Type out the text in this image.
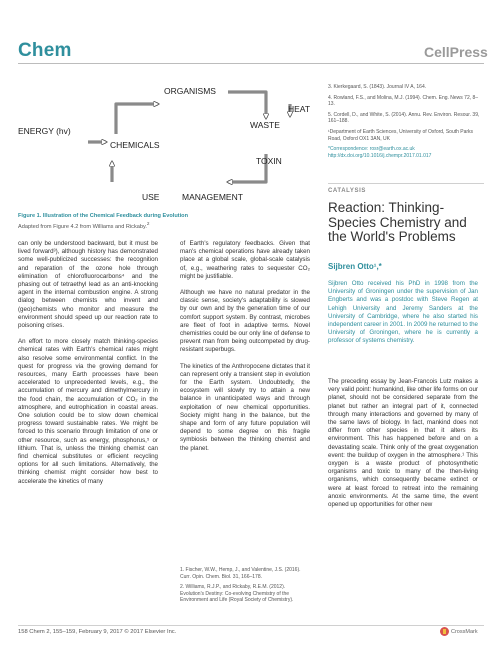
Chem	CellPress
ORGANISMS
HEAT
WASTE
ENERGY (hv)
CHEMICALS
TOXIN
USE	MANAGEMENT
Figure 1. Illustration of the Chemical Feedback during Evolution
Adapted from Figure 4.2 from Williams and Rickaby.$^2$

can only be understood backward, but it must be lived forward³), although history has demonstrated some well-publicized successes: the recognition and reparation of the ozone hole through elimination of chlorofluorocarbons⁴ and the phasing out of tetraethyl lead as an anti-knocking agent in the internal combustion engine. A strong dialog between chemists who invent and (geo)chemists who monitor and measure the environment should speed up our reaction rate to poisoning crises.

An effort to more closely match thinking-species chemical rates with Earth's chemical rates might also resolve some environmental conflict. In the quest for progress via the growing demand for resources, many Earth processes have been accelerated to unprecedented levels, e.g., the accumulation of mercury and dimethylmercury in the food chain, the accumulation of CO₂ in the atmosphere, and eutrophication in coastal areas. One solution could be to slow down chemical progress toward sustainable rates. We might be forced to this scenario through limitation of one or other resource, such as energy, phosphorus,⁵ or lithium. That is, unless the thinking chemist can find chemical substitutes or efficient recycling options for all such limitations. Alternatively, the thinking chemist might consider how best to accelerate the kinetics of many

of Earth's regulatory feedbacks. Given that man's chemical operations have already taken place at a global scale, global-scale catalysis of, e.g., weathering rates to sequester CO₂ might be justifiable.

Although we have no natural predator in the classic sense, society's adaptability is slowed by our own and by the generation time of our comfort support system. By contrast, microbes are fleet of foot in adaptive terms. Novel chemistries could be our only line of defense to prevent man from being outcompeted by drug-resistant superbugs.

The kinetics of the Anthropocene dictates that it can represent only a transient step in evolution for the Earth system. Undoubtedly, the ecosystem will slowly try to attain a new balance in unanticipated ways and through exploitation of new chemical opportunities. Society might hang in the balance, but the shape and form of any future population will depend to some degree on this fragile symbiosis between the thinking chemist and the planet.

1. Fischer, W.W., Hemp, J., and Valentine, J.S. (2016). Curr. Opin. Chem. Biol. 31, 166–178.

2. Williams, R.J.P., and Rickaby, R.E.M. (2012). Evolution's Destiny: Co-evolving Chemistry of the Environment and Life (Royal Society of Chemistry).

3. Kierkegaard, S. (1843). Journal IV A, 164.

4. Rowland, F.S., and Molina, M.J. (1994). Chem. Eng. News 72, 8–13.

5. Cordell, D., and White, S. (2014). Annu. Rev. Environ. Resour. 39, 161–188.

¹Department of Earth Sciences, University of Oxford, South Parks Road, Oxford OX1 3AN, UK

*Correspondence: rosr@earth.ox.ac.uk

http://dx.doi.org/10.1016/j.chempr.2017.01.017

CATALYSIS
Reaction: Thinking-Species Chemistry and the World's Problems
Sijbren Otto¹,*
Sijbren Otto received his PhD in 1998 from the University of Groningen under the supervision of Jan Engberts and was a postdoc with Steve Regen at Lehigh University and Jeremy Sanders at the University of Cambridge, where he also started his independent career in 2001. In 2009 he returned to the University of Groningen, where he is currently a professor of systems chemistry.

The preceding essay by Jean-Francois Lutz makes a very valid point: humankind, like other life forms on our planet, should not be considered separate from the planet but rather an integral part of it, connected through many interactions and governed by many of the same laws of biology. In fact, mankind does not differ from other species in that it alters its environment. This has happened before and on a devastating scale. Think only of the great oxygenation event: the buildup of oxygen in the atmosphere.¹ This oxygen is a waste product of photosynthetic organisms and toxic to many of the then-living organisms, which consequently became extinct or were at least forced to retreat into the remaining anoxic environments. At the same time, the event opened up opportunities for other new

158 Chem 2, 155–159, February 9, 2017 © 2017 Elsevier Inc.	CrossMark
